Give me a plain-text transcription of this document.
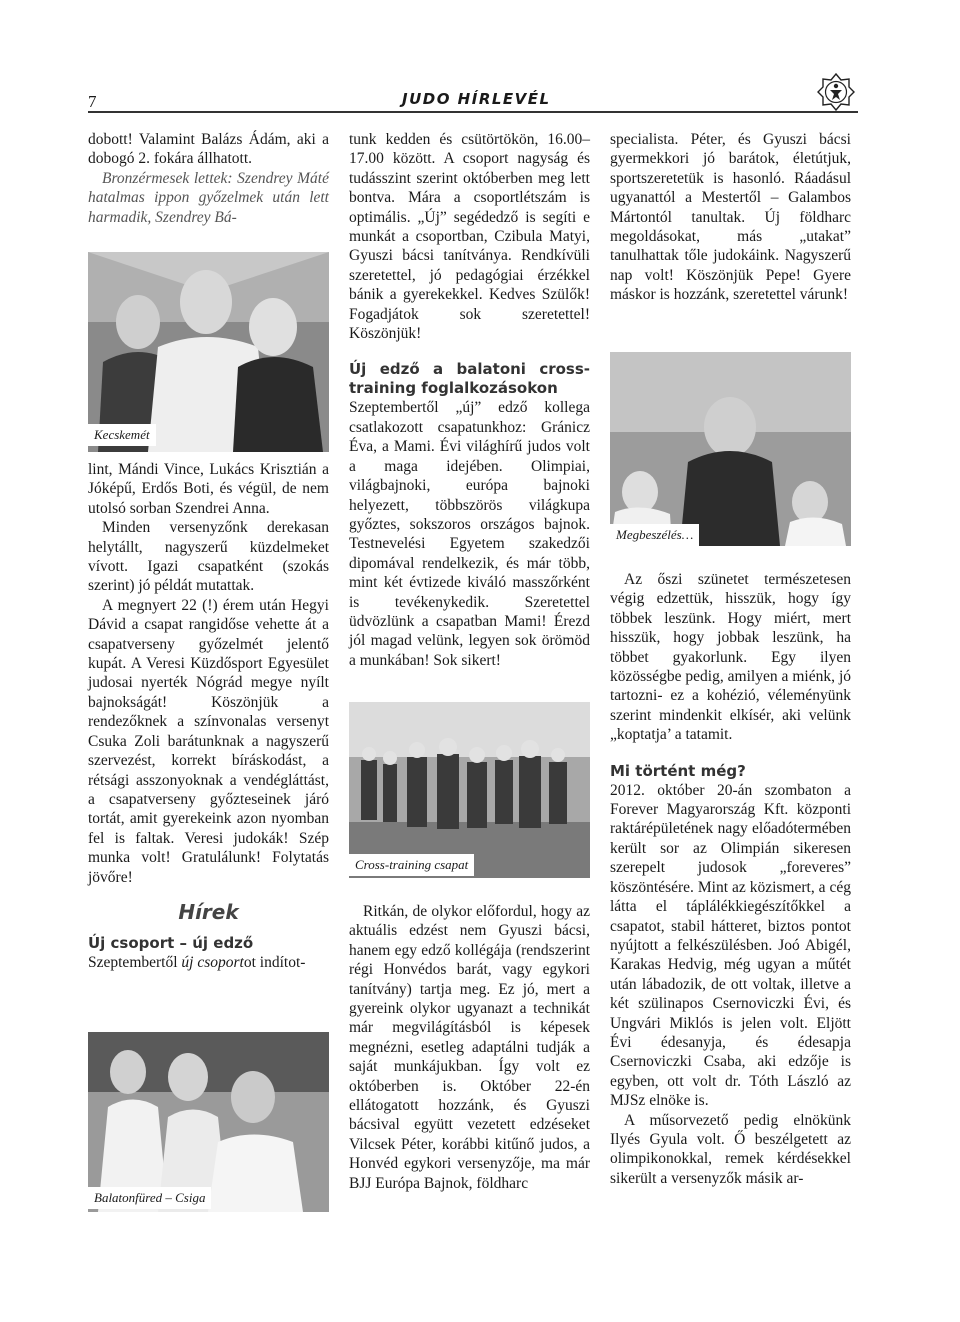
7	JUDO HÍRLEVÉL

dobott! Valamint Balázs Ádám, aki a dobogó 2. fokára állhatott.

Bronzérmesek lettek: Szendrey Máté hatalmas ippon győzelmek után lett harmadik, Szendrey Bá-

Kecskemét

lint, Mándi Vince, Lukács Krisztián a Jóképű, Erdős Boti, és végül, de nem utolsó sorban Szendrei Anna.

Minden versenyzőnk derekasan helytállt, nagyszerű küzdelmeket vívott. Igazi csapatként (szokás szerint) jó példát mutattak.

A megnyert 22 (!) érem után Hegyi Dávid a csapat rangidőse vehette át a csapatverseny győzelmét jelentő kupát. A Veresi Küzdősport Egyesület judosai nyerték Nógrád megye nyílt bajnokságát! Köszönjük a rendezőknek a színvonalas versenyt Csuka Zoli barátunknak a nagyszerű szervezést, korrekt bíráskodást, a rétsági asszonyoknak a vendégláttást, a csapatverseny győzteseinek járó tortát, amit gyerekeink azon nyomban fel is faltak. Veresi judokák! Szép munka volt! Gratulálunk! Folytatás jövőre!

Hírek

Új csoport – új edző

Szeptembertől új csoportot indítot-

Balatonfüred – Csiga

tunk kedden és csütörtökön, 16.00–17.00 között. A csoport nagyság és tudásszint szerint októberben meg lett bontva. Mára a csoportlétszám is optimális. „Új” segédedző is segíti e munkát a csoportban, Czibula Matyi, Gyuszi bácsi tanítványa. Rendkívüli szeretettel, jó pedagógiai érzékkel bánik a gyerekekkel. Kedves Szülők! Fogadjátok sok szeretettel! Köszönjük!

Új edző a balatoni cross-training foglalkozásokon

Szeptembertől „új” edző kollega csatlakozott csapatunkhoz: Gránicz Éva, a Mami. Évi világhírű judos volt a maga idejében. Olimpiai, világbajnoki, európa bajnoki helyezett, többszörös világkupa győztes, sokszoros országos bajnok. Testnevelési Egyetem szakedzői dipomával rendelkezik, és már több, mint két évtizede kiváló masszőrként is tevékenykedik. Szeretettel üdvözlünk a csapatban Mami! Érezd jól magad velünk, legyen sok örömöd a munkában! Sok sikert!

Cross-training csapat

Ritkán, de olykor előfordul, hogy az aktuális edzést nem Gyuszi bácsi, hanem egy edző kollégája (rendszerint régi Honvédos barát, vagy egykori tanítvány) tartja meg. Ez jó, mert a gyereink olykor ugyanazt a technikát már megvilágításból is képesek megnézni, esetleg adaptálni tudják a saját munkájukban. Így volt ez októberben is. Október 22-én ellátogatott hozzánk, és Gyuszi bácsival együtt vezetett edzéseket Vilcsek Péter, korábbi kitűnő judos, a Honvéd egykori versenyzője, ma már BJJ Európa Bajnok, földharc

specialista. Péter, és Gyuszi bácsi gyermekkori jó barátok, életútjuk, sportszeretetük is hasonló. Ráadásul ugyanattól a Mestertől – Galambos Mártontól tanultak. Új földharc megoldásokat, más „utakat” tanulhattak tőle judokáink. Nagyszerű nap volt! Köszönjük Pepe! Gyere máskor is hozzánk, szeretettel várunk!

Megbeszélés…

Az őszi szünetet természetesen végig edzettük, hisszük, hogy így többek leszünk. Hogy miért, mert hisszük, hogy jobbak leszünk, ha többet gyakorlunk. Egy ilyen közösségbe pedig, amilyen a miénk, jó tartozni- ez a kohézió, véleményünk szerint mindenkit elkísér, aki velünk „koptatja’ a tatamit.

Mi történt még?

2012. október 20-án szombaton a Forever Magyarország Kft. központi raktárépületének nagy előadótermében került sor az Olimpián sikeresen szerepelt judosok „foreveres” köszöntésére. Mint az közismert, a cég látta el táplálékkiegészítőkkel a csapatot, stabil hátteret, biztos pontot nyújtott a felkészülésben. Joó Abigél, Karakas Hedvig, még ugyan a műtét után lábadozik, de ott voltak, illetve a két szülinapos Csernoviczki Évi, és Ungvári Miklós is jelen volt. Eljött Évi édesanyja, és édesapja Csernoviczki Csaba, aki edzője is egyben, ott volt dr. Tóth László az MJSz elnöke is.

A műsorvezető pedig elnökünk Ilyés Gyula volt. Ő beszélgetett az olimpikonokkal, remek kérdésekkel sikerült a versenyzők másik ar-
